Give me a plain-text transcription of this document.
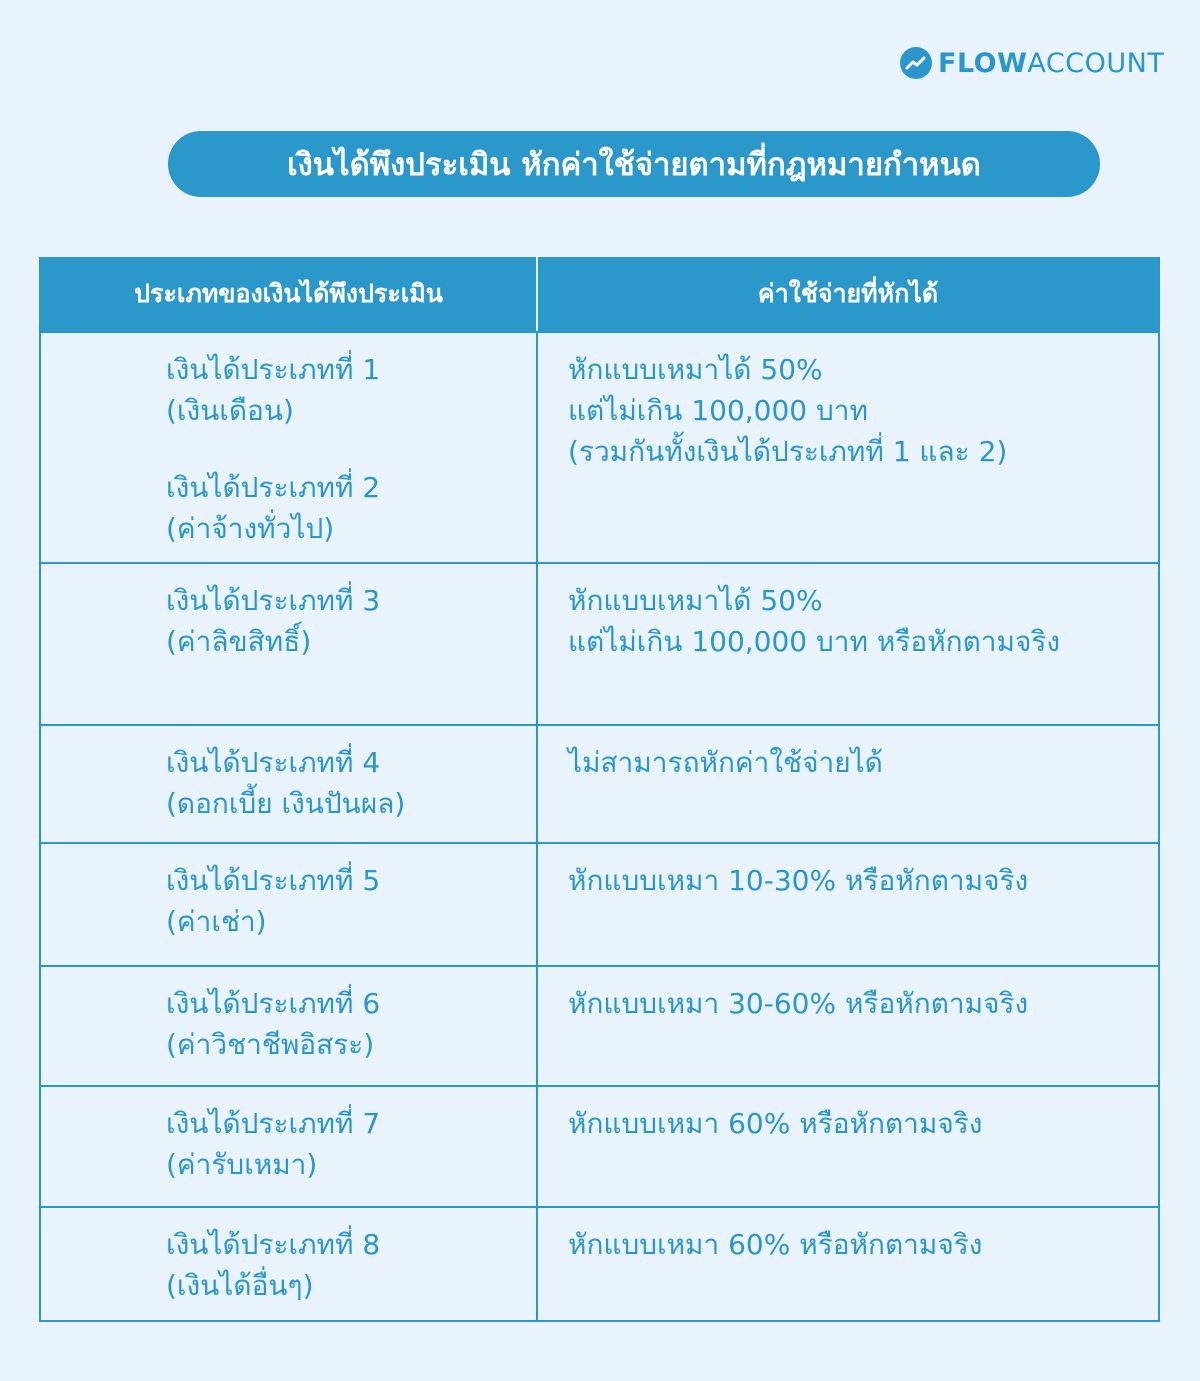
FLOWACCOUNT
เงินได้พึงประเมิน หักค่าใช้จ่ายตามที่กฎหมายกำหนด
ประเภทของเงินได้พึงประเมิน	ค่าใช้จ่ายที่หักได้
เงินได้ประเภทที่ 1
(เงินเดือน)
เงินได้ประเภทที่ 2
(ค่าจ้างทั่วไป)
หักแบบเหมาได้ 50%
แต่ไม่เกิน 100,000 บาท
(รวมกันทั้งเงินได้ประเภทที่ 1 และ 2)
เงินได้ประเภทที่ 3
(ค่าลิขสิทธิ์)
หักแบบเหมาได้ 50%
แต่ไม่เกิน 100,000 บาท หรือหักตามจริง
เงินได้ประเภทที่ 4
(ดอกเบี้ย เงินปันผล)
ไม่สามารถหักค่าใช้จ่ายได้
เงินได้ประเภทที่ 5
(ค่าเช่า)
หักแบบเหมา 10-30% หรือหักตามจริง
เงินได้ประเภทที่ 6
(ค่าวิชาชีพอิสระ)
หักแบบเหมา 30-60% หรือหักตามจริง
เงินได้ประเภทที่ 7
(ค่ารับเหมา)
หักแบบเหมา 60% หรือหักตามจริง
เงินได้ประเภทที่ 8
(เงินได้อื่นๆ)
หักแบบเหมา 60% หรือหักตามจริง
